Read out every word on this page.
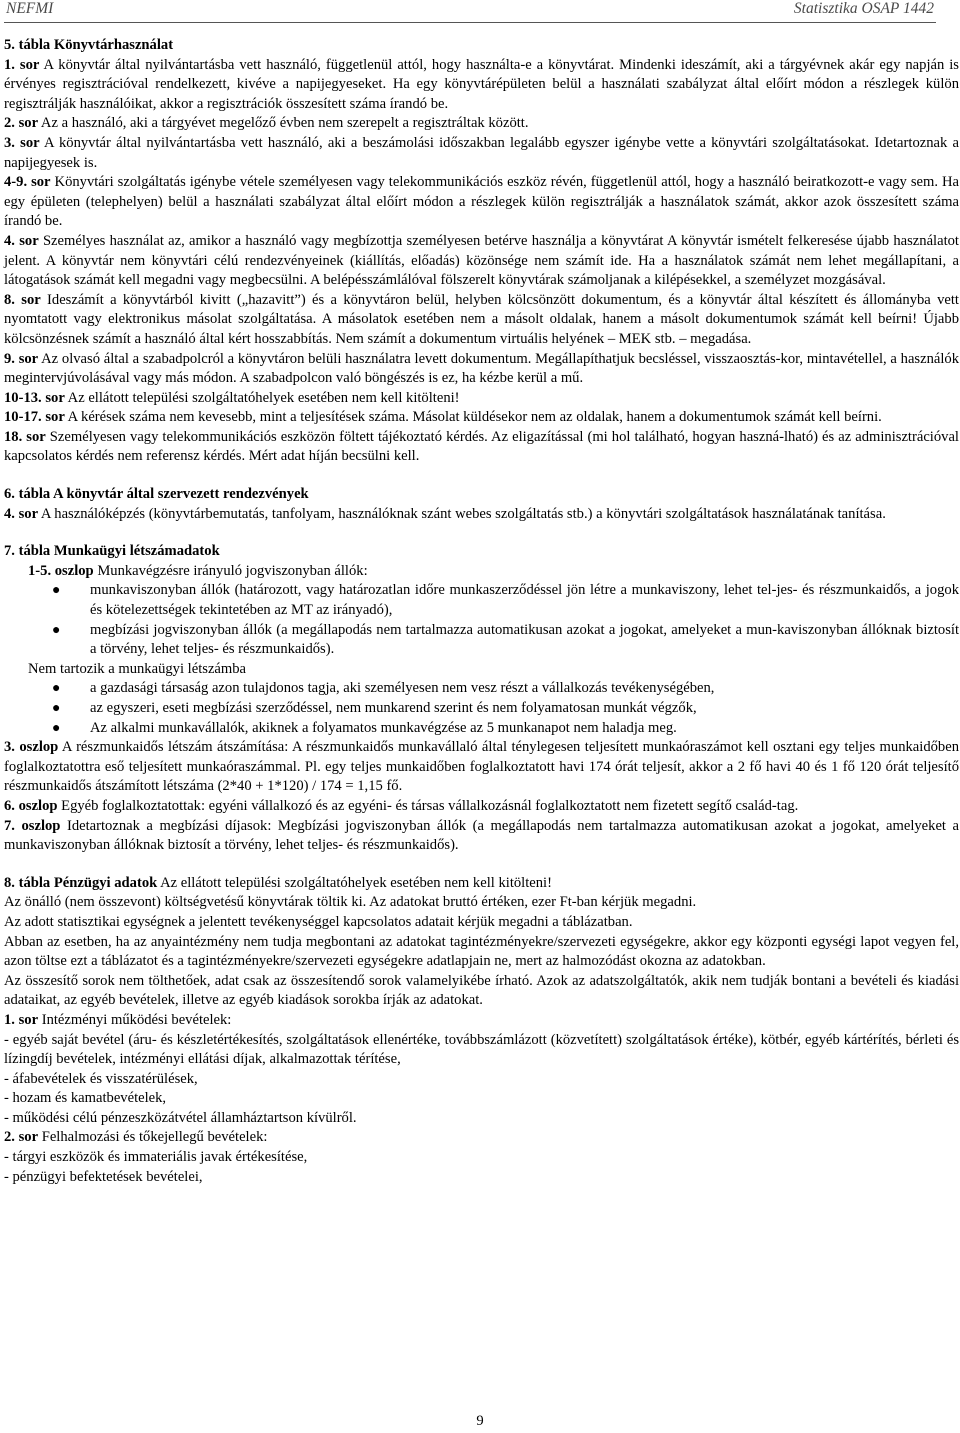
NEFMI	Statisztika OSAP 1442

5. tábla Könyvtárhasználat

1. sor A könyvtár által nyilvántartásba vett használó, függetlenül attól, hogy használta-e a könyvtárat. Mindenki ideszámít, aki a tárgyévnek akár egy napján is érvényes regisztrációval rendelkezett, kivéve a napijegyeseket. Ha egy könyvtárépületen belül a használati szabályzat által előírt módon a részlegek külön regisztrálják használóikat, akkor a regisztrációk összesített száma írandó be.

2. sor Az a használó, aki a tárgyévet megelőző évben nem szerepelt a regisztráltak között.

3. sor A könyvtár által nyilvántartásba vett használó, aki a beszámolási időszakban legalább egyszer igénybe vette a könyvtári szolgáltatásokat. Idetartoznak a napijegyesek is.

4-9. sor Könyvtári szolgáltatás igénybe vétele személyesen vagy telekommunikációs eszköz révén, függetlenül attól, hogy a használó beiratkozott-e vagy sem. Ha egy épületen (telephelyen) belül a használati szabályzat által előírt módon a részlegek külön regisztrálják a használatok számát, akkor azok összesített száma írandó be.

4. sor Személyes használat az, amikor a használó vagy megbízottja személyesen betérve használja a könyvtárat A könyvtár ismételt felkeresése újabb használatot jelent. A könyvtár nem könyvtári célú rendezvényeinek (kiállítás, előadás) közönsége nem számít ide. Ha a használatok számát nem lehet megállapítani, a látogatások számát kell megadni vagy megbecsülni. A belépésszámlálóval fölszerelt könyvtárak számoljanak a kilépésekkel, a személyzet mozgásával.

8. sor Ideszámít a könyvtárból kivitt („hazavitt”) és a könyvtáron belül, helyben kölcsönzött dokumentum, és a könyvtár által készített és állományba vett nyomtatott vagy elektronikus másolat szolgáltatása. A másolatok esetében nem a másolt oldalak, hanem a másolt dokumentumok számát kell beírni! Újabb kölcsönzésnek számít a használó által kért hosszabbítás. Nem számít a dokumentum virtuális helyének – MEK stb. – megadása.

9. sor Az olvasó által a szabadpolcról a könyvtáron belüli használatra levett dokumentum. Megállapíthatjuk becsléssel, visszaosztás-kor, mintavétellel, a használók megintervjúvolásával vagy más módon. A szabadpolcon való böngészés is ez, ha kézbe kerül a mű.

10-13. sor Az ellátott települési szolgáltatóhelyek esetében nem kell kitölteni!

10-17. sor A kérések száma nem kevesebb, mint a teljesítések száma. Másolat küldésekor nem az oldalak, hanem a dokumentumok számát kell beírni.

18. sor Személyesen vagy telekommunikációs eszközön föltett tájékoztató kérdés. Az eligazítással (mi hol található, hogyan haszná-lható) és az adminisztrációval kapcsolatos kérdés nem referensz kérdés. Mért adat híján becsülni kell.

6. tábla A könyvtár által szervezett rendezvények

4. sor A használóképzés (könyvtárbemutatás, tanfolyam, használóknak szánt webes szolgáltatás stb.) a könyvtári szolgáltatások használatának tanítása.

7. tábla Munkaügyi létszámadatok

1-5. oszlop Munkavégzésre irányuló jogviszonyban állók:

● munkaviszonyban állók (határozott, vagy határozatlan időre munkaszerződéssel jön létre a munkaviszony, lehet tel-jes- és részmunkaidős, a jogok és kötelezettségek tekintetében az MT az irányadó),
● megbízási jogviszonyban állók (a megállapodás nem tartalmazza automatikusan azokat a jogokat, amelyeket a mun-kaviszonyban állóknak biztosít a törvény, lehet teljes- és részmunkaidős).

Nem tartozik a munkaügyi létszámba

● a gazdasági társaság azon tulajdonos tagja, aki személyesen nem vesz részt a vállalkozás tevékenységében,
● az egyszeri, eseti megbízási szerződéssel, nem munkarend szerint és nem folyamatosan munkát végzők,
● Az alkalmi munkavállalók, akiknek a folyamatos munkavégzése az 5 munkanapot nem haladja meg.

3. oszlop A részmunkaidős létszám átszámítása: A részmunkaidős munkavállaló által ténylegesen teljesített munkaóraszámot kell osztani egy teljes munkaidőben foglalkoztatottra eső teljesített munkaóraszámmal. Pl. egy teljes munkaidőben foglalkoztatott havi 174 órát teljesít, akkor a 2 fő havi 40 és 1 fő 120 órát teljesítő részmunkaidős átszámított létszáma (2*40 + 1*120) / 174 = 1,15 fő.

6. oszlop Egyéb foglalkoztatottak: egyéni vállalkozó és az egyéni- és társas vállalkozásnál foglalkoztatott nem fizetett segítő család-tag.

7. oszlop Idetartoznak a megbízási díjasok: Megbízási jogviszonyban állók (a megállapodás nem tartalmazza automatikusan azokat a jogokat, amelyeket a munkaviszonyban állóknak biztosít a törvény, lehet teljes- és részmunkaidős).

8. tábla Pénzügyi adatok Az ellátott települési szolgáltatóhelyek esetében nem kell kitölteni!

Az önálló (nem összevont) költségvetésű könyvtárak töltik ki. Az adatokat bruttó értéken, ezer Ft-ban kérjük megadni.

Az adott statisztikai egységnek a jelentett tevékenységgel kapcsolatos adatait kérjük megadni a táblázatban.

Abban az esetben, ha az anyaintézmény nem tudja megbontani az adatokat tagintézményekre/szervezeti egységekre, akkor egy központi egységi lapot vegyen fel, azon töltse ezt a táblázatot és a tagintézményekre/szervezeti egységekre adatlapjain ne, mert az halmozódást okozna az adatokban.

Az összesítő sorok nem tölthetőek, adat csak az összesítendő sorok valamelyikébe írható. Azok az adatszolgáltatók, akik nem tudják bontani a bevételi és kiadási adataikat, az egyéb bevételek, illetve az egyéb kiadások sorokba írják az adatokat.

1. sor Intézményi működési bevételek:

- egyéb saját bevétel (áru- és készletértékesítés, szolgáltatások ellenértéke, továbbszámlázott (közvetített) szolgáltatások értéke), kötbér, egyéb kártérítés, bérleti és lízingdíj bevételek, intézményi ellátási díjak, alkalmazottak térítése,

- áfabevételek és visszatérülések,

- hozam és kamatbevételek,

- működési célú pénzeszközátvétel államháztartson kívülről.

2. sor Felhalmozási és tőkejellegű bevételek:

- tárgyi eszközök és immateriális javak értékesítése,

- pénzügyi befektetések bevételei,

9
